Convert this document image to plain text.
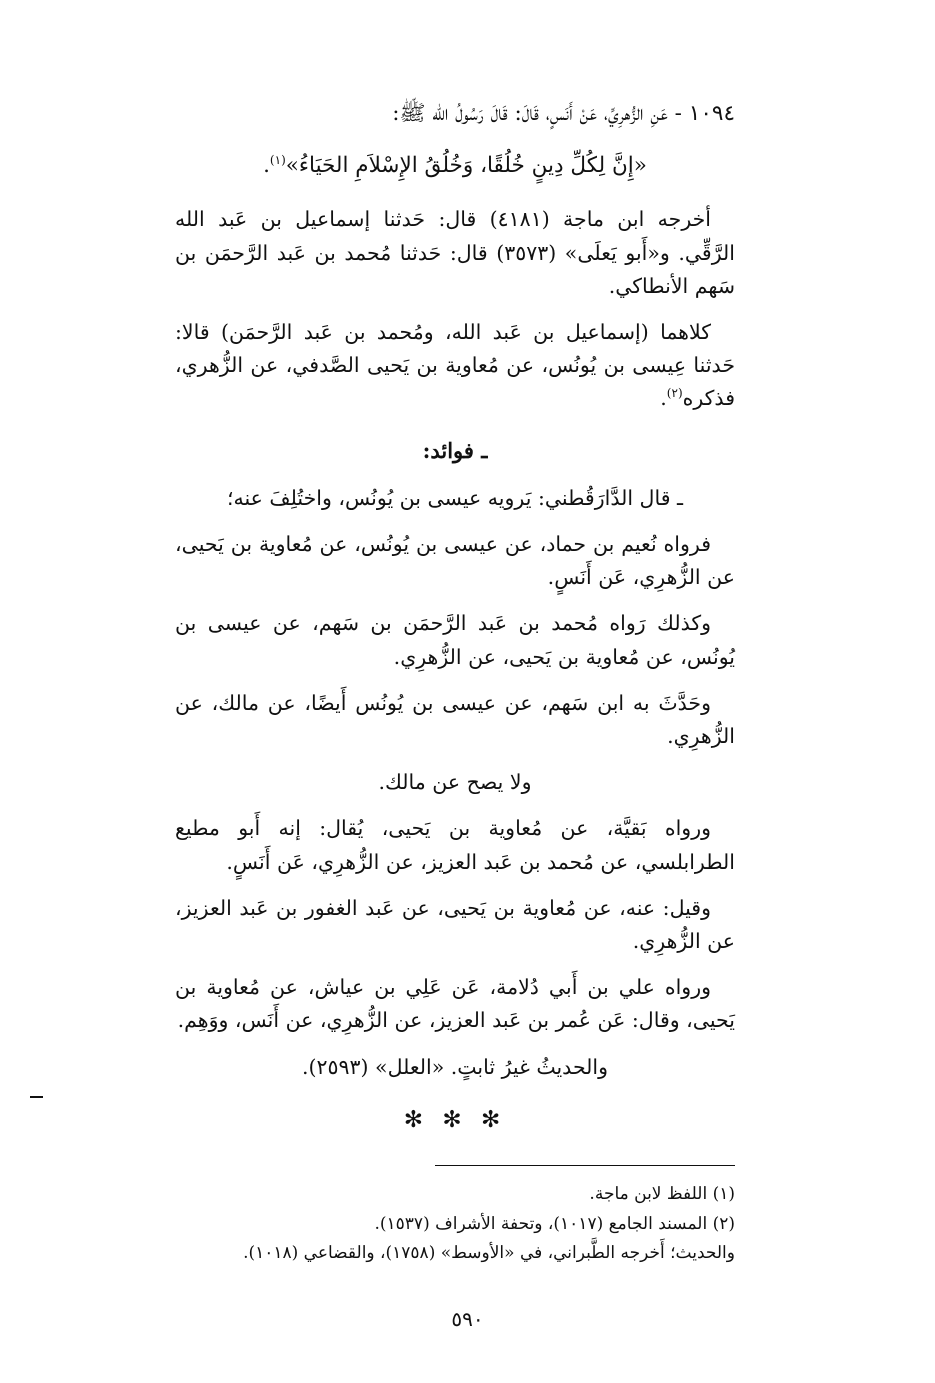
١٠٩٤ - عَنِ الزُّهرِيِّ، عَنْ أَنَسٍ، قَالَ: قَالَ رَسُولُ الله ﷺ:

«إِنَّ لِكُلِّ دِينٍ خُلُقًا، وَخُلُقُ الإِسْلاَمِ الحَيَاءُ»$^{(١)}$.

أخرجه ابن ماجة (٤١٨١) قال: حَدثنا إسماعيل بن عَبد الله الرَّقِّي. و«أَبو يَعلَى» (٣٥٧٣) قال: حَدثنا مُحمد بن عَبد الرَّحمَن بن سَهم الأنطاكي.

كلاهما (إسماعيل بن عَبد الله، ومُحمد بن عَبد الرَّحمَن) قالا: حَدثنا عِيسى بن يُونُس، عن مُعاوية بن يَحيى الصَّدفي، عن الزُّهري، فذكره$^{(٢)}$.

ـ فوائد:

ـ قال الدَّارَقُطني: يَرويه عيسى بن يُونُس، واختُلِفَ عنه؛

فرواه نُعيم بن حماد، عن عيسى بن يُونُس، عن مُعاوية بن يَحيى، عن الزُّهرِي، عَن أَنَسٍ.

وكذلك رَواه مُحمد بن عَبد الرَّحمَن بن سَهم، عن عيسى بن يُونُس، عن مُعاوية بن يَحيى، عن الزُّهرِي.

وحَدَّثَ به ابن سَهم، عن عيسى بن يُونُس أَيضًا، عن مالك، عن الزُّهرِي.

ولا يصح عن مالك.

ورواه بَقيَّة، عن مُعاوية بن يَحيى، يُقال: إنه أَبو مطيع الطرابلسي، عن مُحمد بن عَبد العزيز، عن الزُّهرِي، عَن أَنَسٍ.

وقيل: عنه، عن مُعاوية بن يَحيى، عن عَبد الغفور بن عَبد العزيز، عن الزُّهرِي.

ورواه علي بن أَبي دُلامة، عَن عَلِي بن عياش، عن مُعاوية بن يَحيى، وقال: عَن عُمر بن عَبد العزيز، عن الزُّهرِي، عن أَنَس، ووَهِم.

والحديثُ غيرُ ثابتٍ. «العلل» (٢٥٩٣).

✻ ✻ ✻

(١) اللفظ لابن ماجة.

(٢) المسند الجامع (١٠١٧)، وتحفة الأشراف (١٥٣٧).

والحديث؛ أَخرجه الطَّبراني، في «الأوسط» (١٧٥٨)، والقضاعي (١٠١٨).

٥٩٠
